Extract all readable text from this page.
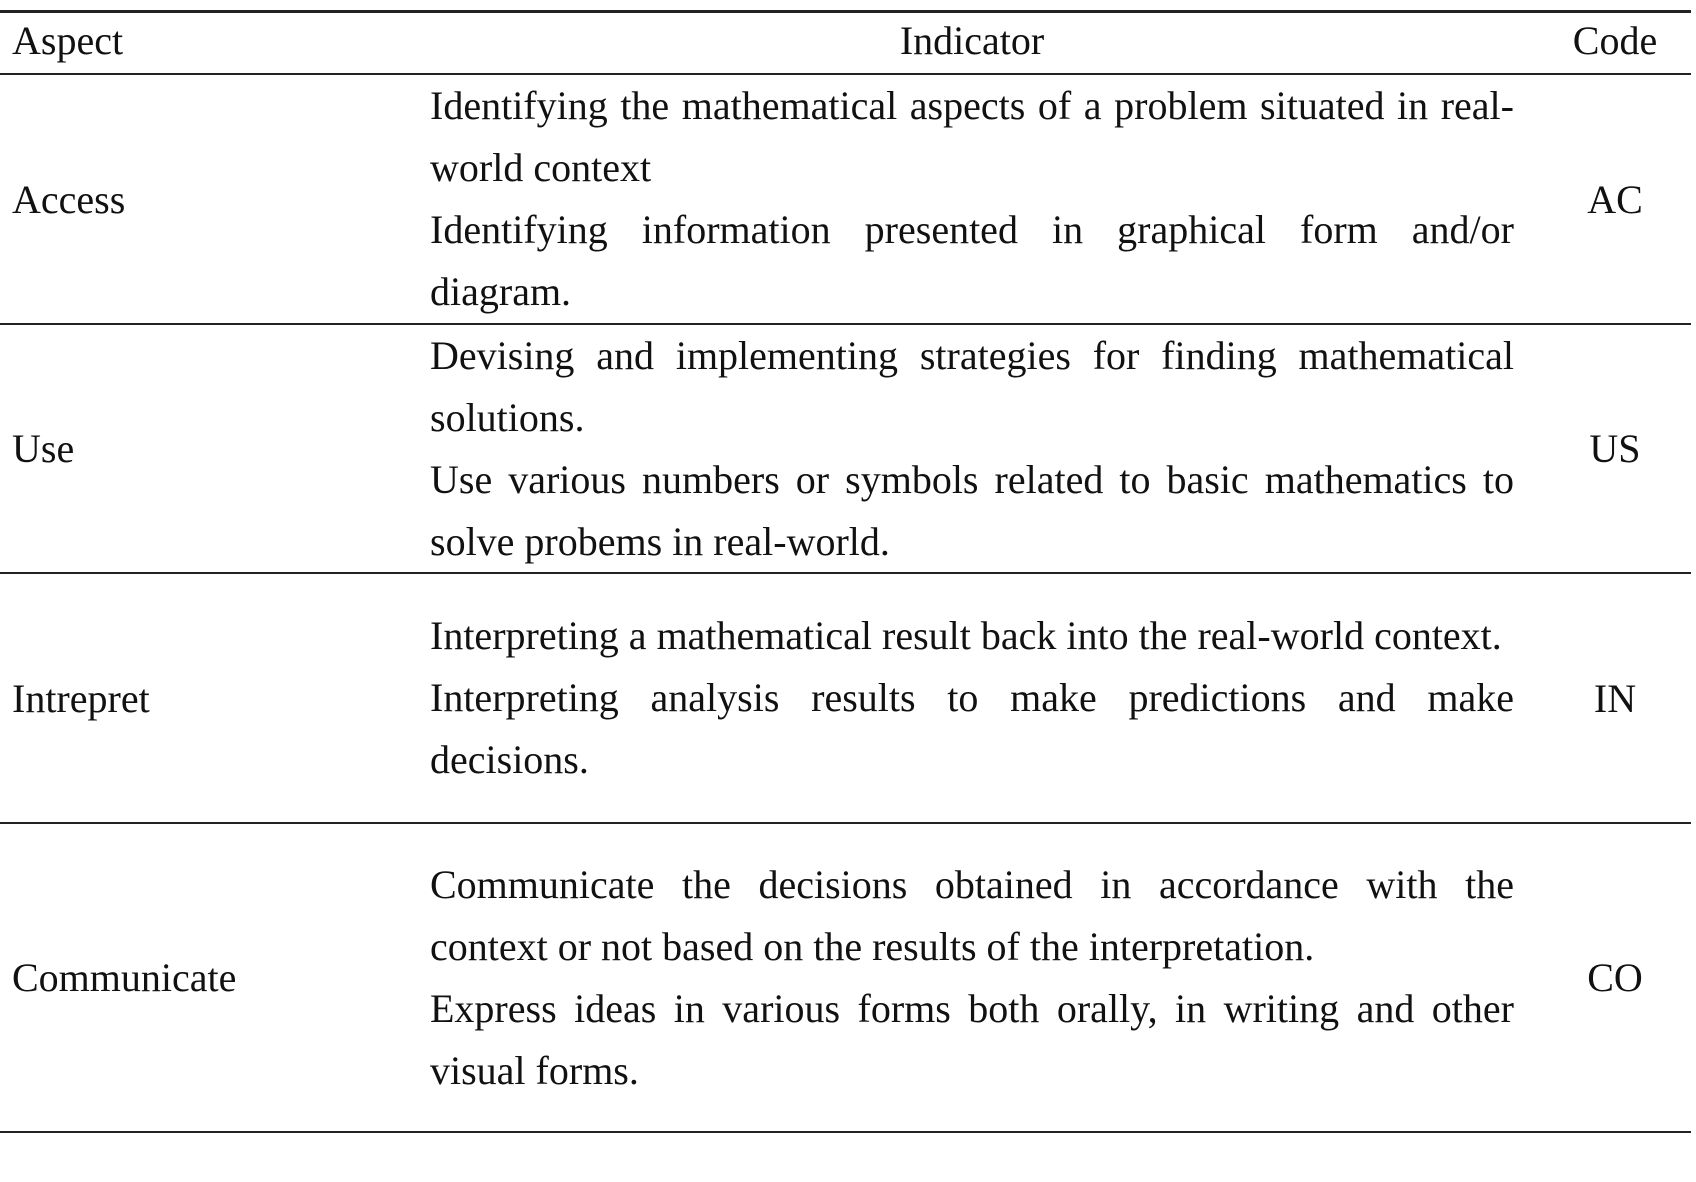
Aspect	Indicator	Code
Access

Identifying the mathematical aspects of a problem situated in real-world context

Identifying information presented in graphical form and/or diagram.

AC
Use

Devising and implementing strategies for finding mathematical solutions.

Use various numbers or symbols related to basic mathematics to solve probems in real-world.

US
Intrepret

Interpreting a mathematical result back into the real-world context.

Interpreting analysis results to make predictions and make decisions.

IN
Communicate

Communicate the decisions obtained in accordance with the context or not based on the results of the interpretation.

Express ideas in various forms both orally, in writing and other visual forms.

CO
